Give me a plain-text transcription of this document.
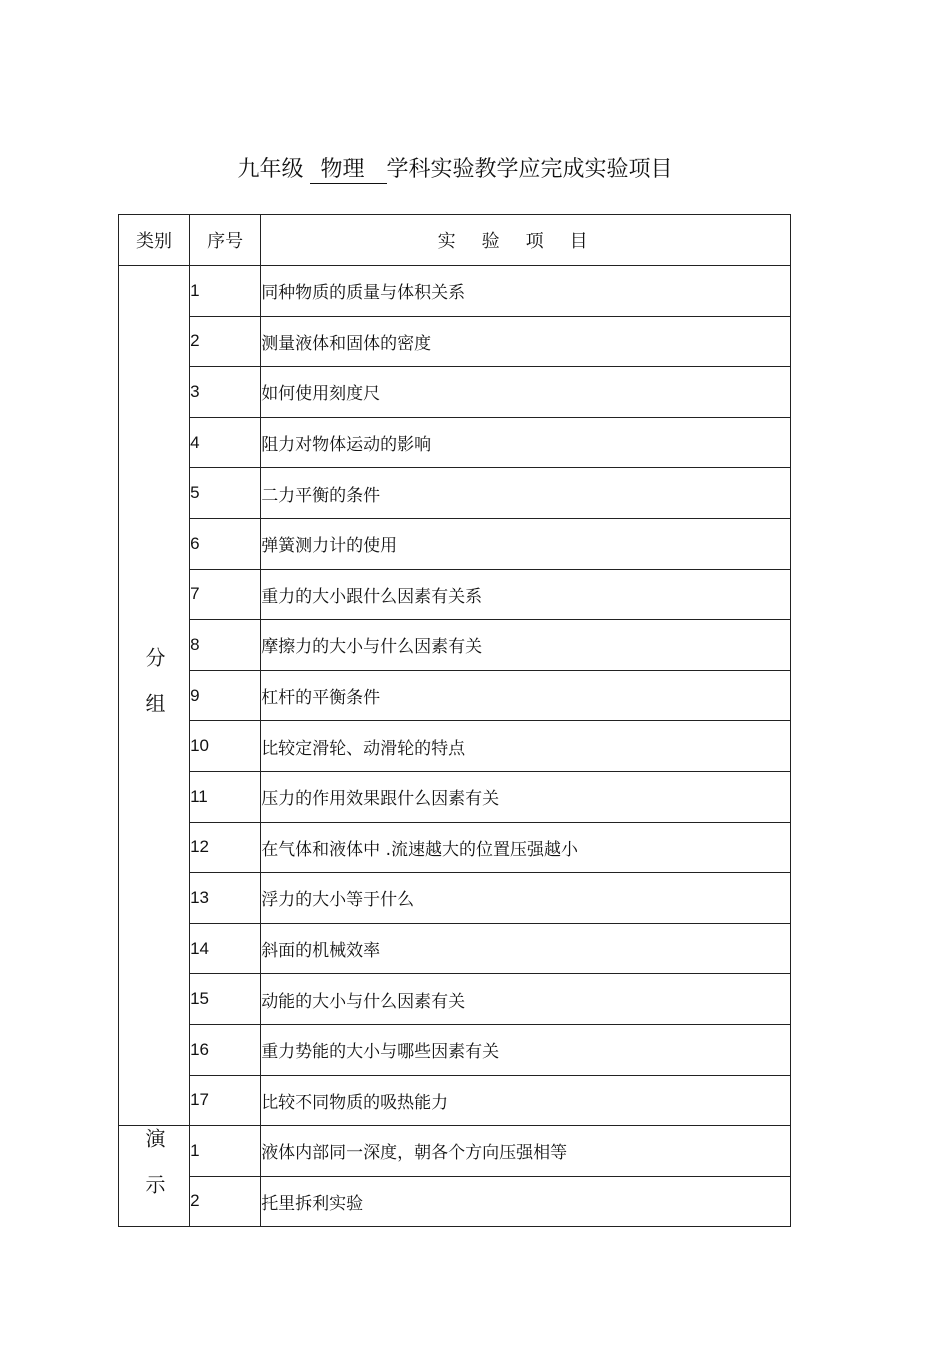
九年级 物理 学科实验教学应完成实验项目
类别	序号	实验项目
分组	1	同种物质的质量与体积关系
	2	测量液体和固体的密度
	3	如何使用刻度尺
	4	阻力对物体运动的影响
	5	二力平衡的条件
	6	弹簧测力计的使用
	7	重力的大小跟什么因素有关系
	8	摩擦力的大小与什么因素有关
	9	杠杆的平衡条件
	10	比较定滑轮、动滑轮的特点
	11	压力的作用效果跟什么因素有关
	12	在气体和液体中 .流速越大的位置压强越小
	13	浮力的大小等于什么
	14	斜面的机械效率
	15	动能的大小与什么因素有关
	16	重力势能的大小与哪些因素有关
	17	比较不同物质的吸热能力
演示	1	液体内部同一深度，朝各个方向压强相等
	2	托里拆利实验
